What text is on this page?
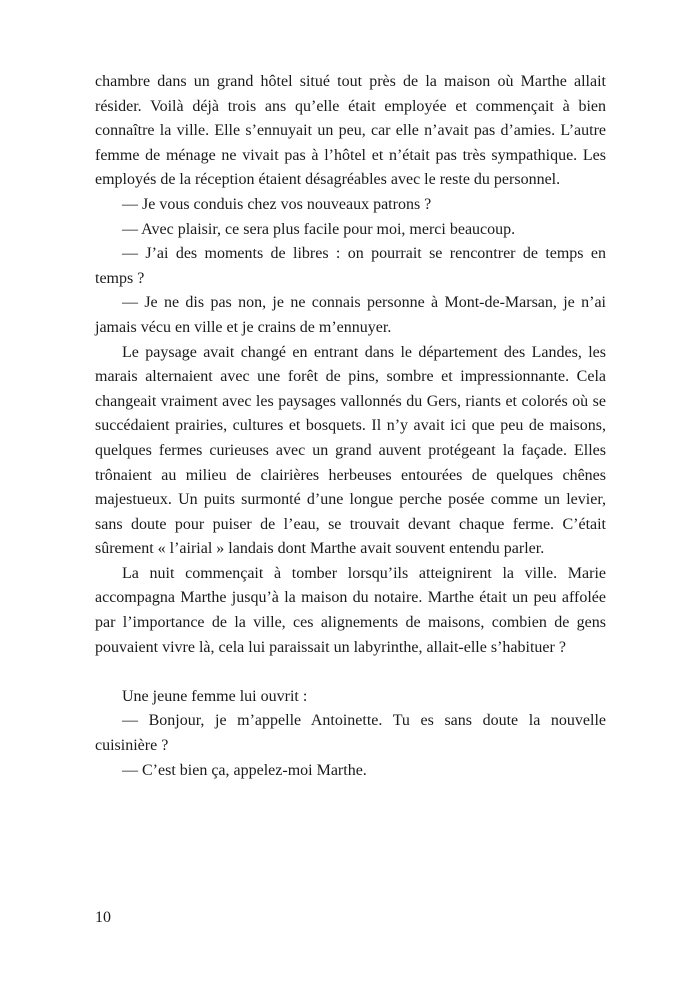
chambre dans un grand hôtel situé tout près de la maison où Marthe allait résider. Voilà déjà trois ans qu’elle était employée et commençait à bien connaître la ville. Elle s’ennuyait un peu, car elle n’avait pas d’amies. L’autre femme de ménage ne vivait pas à l’hôtel et n’était pas très sympathique. Les employés de la réception étaient désagréables avec le reste du personnel.

— Je vous conduis chez vos nouveaux patrons ?

— Avec plaisir, ce sera plus facile pour moi, merci beaucoup.

— J’ai des moments de libres : on pourrait se rencontrer de temps en temps ?

— Je ne dis pas non, je ne connais personne à Mont-de-Marsan, je n’ai jamais vécu en ville et je crains de m’ennuyer.

Le paysage avait changé en entrant dans le département des Landes, les marais alternaient avec une forêt de pins, sombre et impressionnante. Cela changeait vraiment avec les paysages vallonnés du Gers, riants et colorés où se succédaient prairies, cultures et bosquets. Il n’y avait ici que peu de maisons, quelques fermes curieuses avec un grand auvent protégeant la façade. Elles trônaient au milieu de clairières herbeuses entourées de quelques chênes majestueux. Un puits surmonté d’une longue perche posée comme un levier, sans doute pour puiser de l’eau, se trouvait devant chaque ferme. C’était sûrement « l’airial » landais dont Marthe avait souvent entendu parler.

La nuit commençait à tomber lorsqu’ils atteignirent la ville. Marie accompagna Marthe jusqu’à la maison du notaire. Marthe était un peu affolée par l’importance de la ville, ces alignements de maisons, combien de gens pouvaient vivre là, cela lui paraissait un labyrinthe, allait-elle s’habituer ?

Une jeune femme lui ouvrit :

— Bonjour, je m’appelle Antoinette. Tu es sans doute la nouvelle cuisinière ?

— C’est bien ça, appelez-moi Marthe.

10
